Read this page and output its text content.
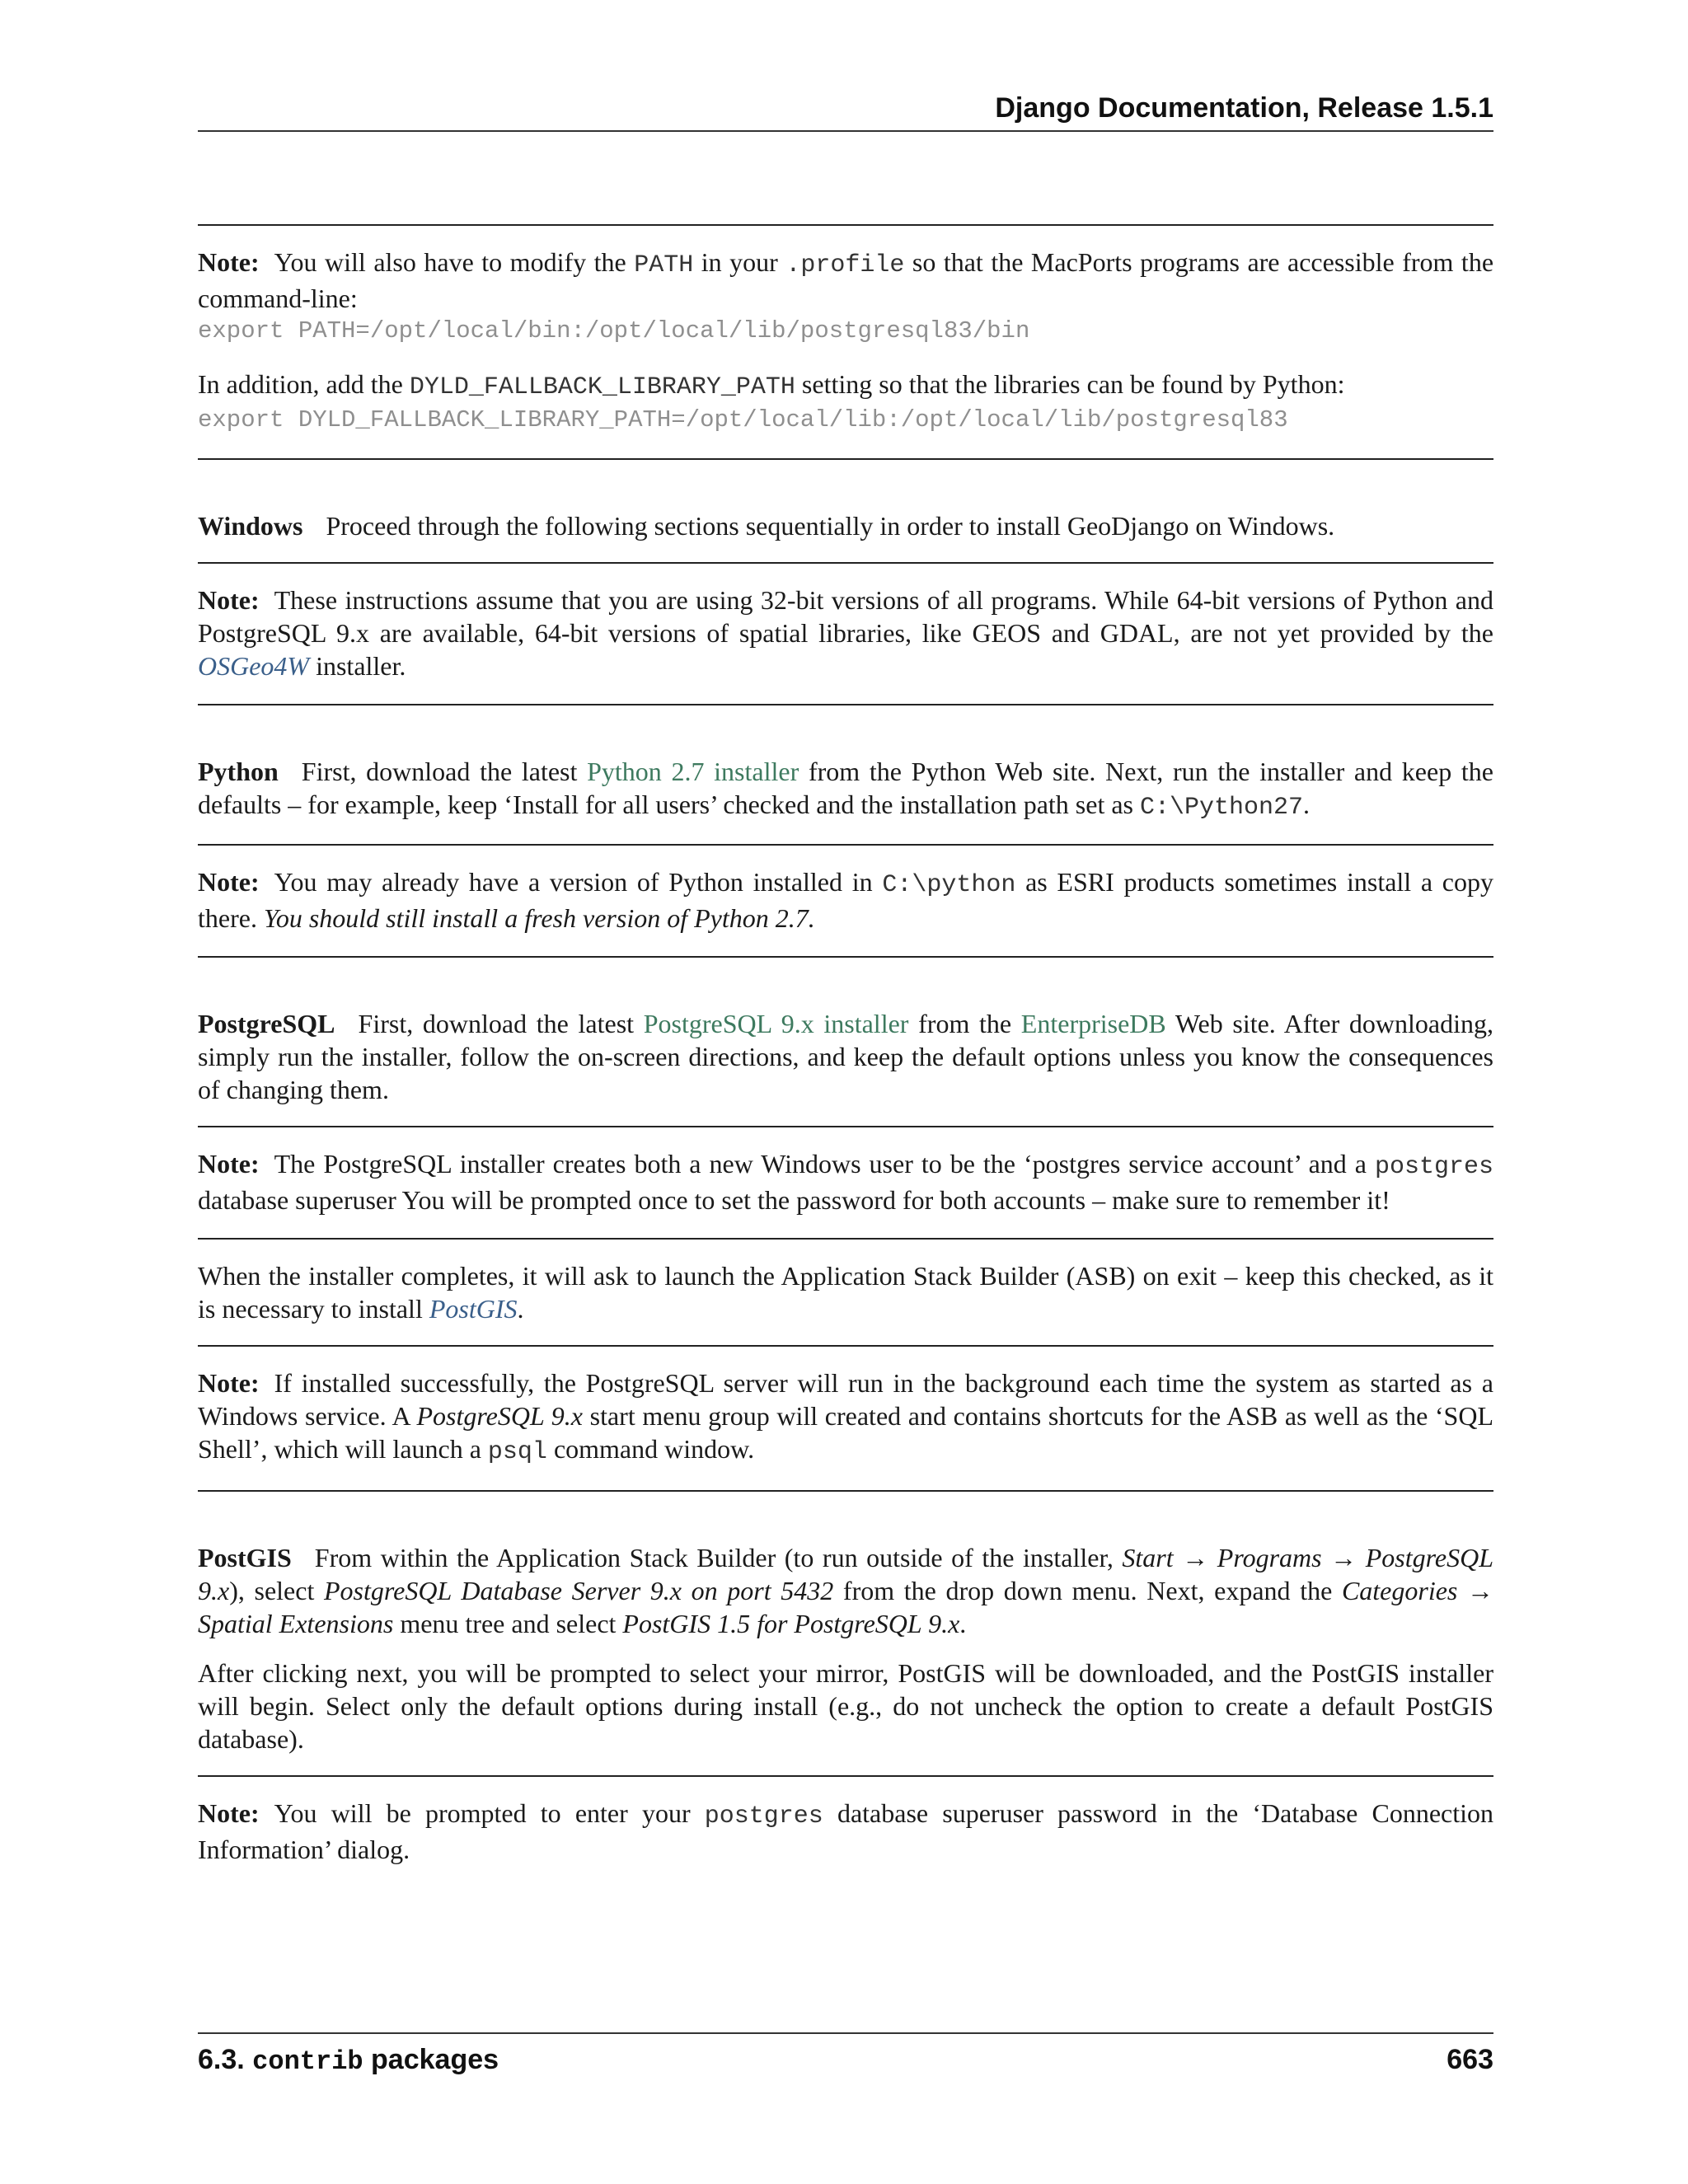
Django Documentation, Release 1.5.1

Note: You will also have to modify the PATH in your .profile so that the MacPorts programs are accessible from the command-line:

export PATH=/opt/local/bin:/opt/local/lib/postgresql83/bin

In addition, add the DYLD_FALLBACK_LIBRARY_PATH setting so that the libraries can be found by Python:

export DYLD_FALLBACK_LIBRARY_PATH=/opt/local/lib:/opt/local/lib/postgresql83

Windows Proceed through the following sections sequentially in order to install GeoDjango on Windows.

Note: These instructions assume that you are using 32-bit versions of all programs. While 64-bit versions of Python and PostgreSQL 9.x are available, 64-bit versions of spatial libraries, like GEOS and GDAL, are not yet provided by the OSGeo4W installer.

Python First, download the latest Python 2.7 installer from the Python Web site. Next, run the installer and keep the defaults – for example, keep ‘Install for all users’ checked and the installation path set as C:\Python27.

Note: You may already have a version of Python installed in C:\python as ESRI products sometimes install a copy there. You should still install a fresh version of Python 2.7.

PostgreSQL First, download the latest PostgreSQL 9.x installer from the EnterpriseDB Web site. After downloading, simply run the installer, follow the on-screen directions, and keep the default options unless you know the consequences of changing them.

Note: The PostgreSQL installer creates both a new Windows user to be the ‘postgres service account’ and a postgres database superuser You will be prompted once to set the password for both accounts – make sure to remember it!

When the installer completes, it will ask to launch the Application Stack Builder (ASB) on exit – keep this checked, as it is necessary to install PostGIS.

Note: If installed successfully, the PostgreSQL server will run in the background each time the system as started as a Windows service. A PostgreSQL 9.x start menu group will created and contains shortcuts for the ASB as well as the ‘SQL Shell’, which will launch a psql command window.

PostGIS From within the Application Stack Builder (to run outside of the installer, Start → Programs → PostgreSQL 9.x), select PostgreSQL Database Server 9.x on port 5432 from the drop down menu. Next, expand the Categories → Spatial Extensions menu tree and select PostGIS 1.5 for PostgreSQL 9.x.

After clicking next, you will be prompted to select your mirror, PostGIS will be downloaded, and the PostGIS installer will begin. Select only the default options during install (e.g., do not uncheck the option to create a default PostGIS database).

Note: You will be prompted to enter your postgres database superuser password in the ‘Database Connection Information’ dialog.

6.3. contrib packages	663
